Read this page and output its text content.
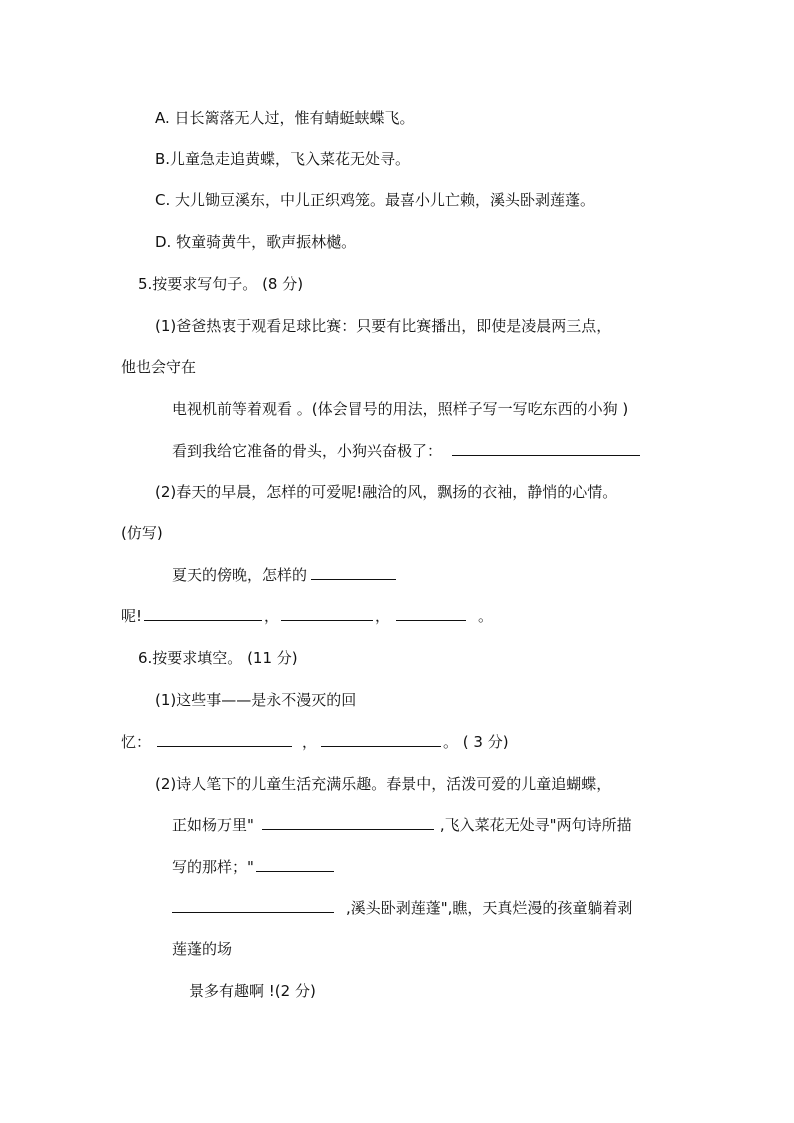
A. 日长篱落无人过，惟有蜻蜓蛱蝶飞。
B.儿童急走追黄蝶，飞入菜花无处寻。
C. 大儿锄豆溪东，中儿正织鸡笼。最喜小儿亡赖，溪头卧剥莲蓬。
D. 牧童骑黄牛，歌声振林樾。
5.按要求写句子。 (8 分)
(1)爸爸热衷于观看足球比赛：只要有比赛播出，即使是凌晨两三点，
他也会守在
电视机前等着观看 。(体会冒号的用法，照样子写一写吃东西的小狗 )
看到我给它准备的骨头，小狗兴奋极了：
(2)春天的早晨，怎样的可爱呢!融洽的风，飘扬的衣袖，静悄的心情。
(仿写)
夏天的傍晚，怎样的
呢!	，	，	。
6.按要求填空。 (11 分)
(1)这些事——是永不漫灭的回
忆：	，	。 ( 3 分)
(2)诗人笔下的儿童生活充满乐趣。春景中，活泼可爱的儿童追蝴蝶，
正如杨万里"	,飞入菜花无处寻"两句诗所描
写的那样；"
,溪头卧剥莲蓬",瞧，天真烂漫的孩童躺着剥
莲蓬的场
景多有趣啊 !(2 分)
